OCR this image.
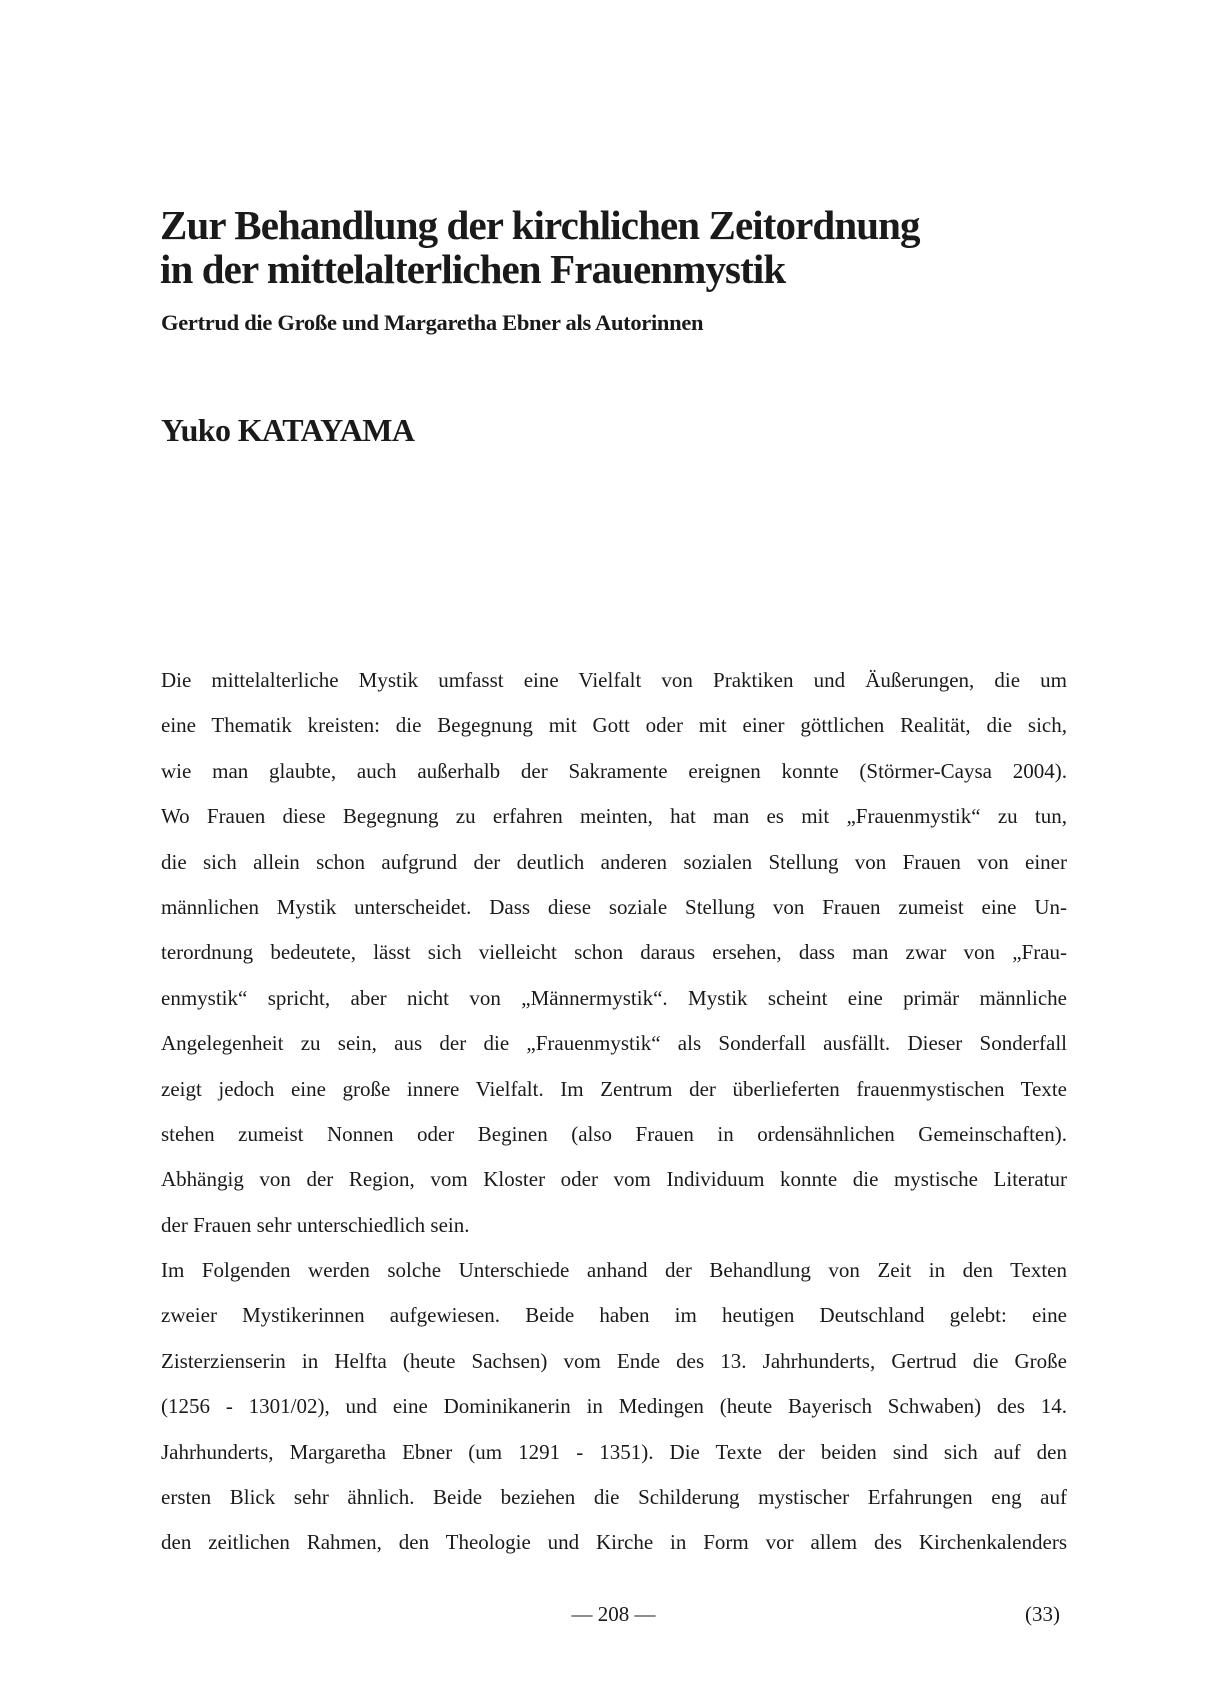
Zur Behandlung der kirchlichen Zeitordnung
in der mittelalterlichen Frauenmystik
Gertrud die Große und Margaretha Ebner als Autorinnen
Yuko KATAYAMA
Die mittelalterliche Mystik umfasst eine Vielfalt von Praktiken und Äußerungen, die um
eine Thematik kreisten: die Begegnung mit Gott oder mit einer göttlichen Realität, die sich,
wie man glaubte, auch außerhalb der Sakramente ereignen konnte (Störmer-Caysa 2004).
Wo Frauen diese Begegnung zu erfahren meinten, hat man es mit „Frauenmystik“ zu tun,
die sich allein schon aufgrund der deutlich anderen sozialen Stellung von Frauen von einer
männlichen Mystik unterscheidet. Dass diese soziale Stellung von Frauen zumeist eine Un-
terordnung bedeutete, lässt sich vielleicht schon daraus ersehen, dass man zwar von „Frau-
enmystik“ spricht, aber nicht von „Männermystik“. Mystik scheint eine primär männliche
Angelegenheit zu sein, aus der die „Frauenmystik“ als Sonderfall ausfällt. Dieser Sonderfall
zeigt jedoch eine große innere Vielfalt. Im Zentrum der überlieferten frauenmystischen Texte
stehen zumeist Nonnen oder Beginen (also Frauen in ordensähnlichen Gemeinschaften).
Abhängig von der Region, vom Kloster oder vom Individuum konnte die mystische Literatur
der Frauen sehr unterschiedlich sein.
Im Folgenden werden solche Unterschiede anhand der Behandlung von Zeit in den Texten
zweier Mystikerinnen aufgewiesen. Beide haben im heutigen Deutschland gelebt: eine
Zisterzienserin in Helfta (heute Sachsen) vom Ende des 13. Jahrhunderts, Gertrud die Große
(1256 - 1301/02), und eine Dominikanerin in Medingen (heute Bayerisch Schwaben) des 14.
Jahrhunderts, Margaretha Ebner (um 1291 - 1351). Die Texte der beiden sind sich auf den
ersten Blick sehr ähnlich. Beide beziehen die Schilderung mystischer Erfahrungen eng auf
den zeitlichen Rahmen, den Theologie und Kirche in Form vor allem des Kirchenkalenders
— 208 —	(33)
